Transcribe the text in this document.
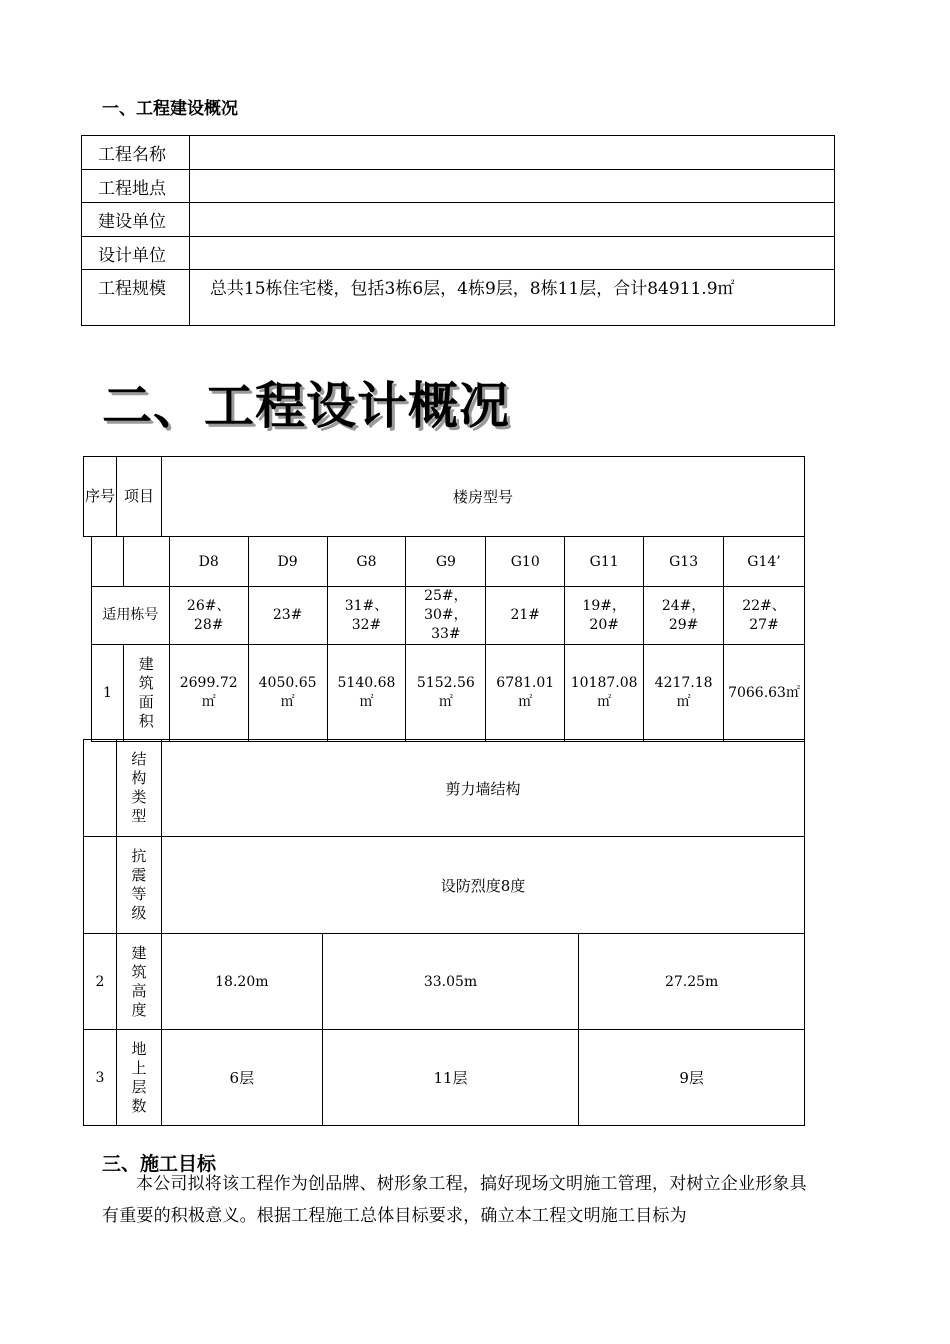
一、工程建设概况
工程名称	
工程地点	
建设单位	
设计单位	
工程规模	总共15栋住宅楼，包括3栋6层，4栋9层，8栋11层，合计84911.9㎡
二、工程设计概况
序号	项目	楼房型号
		D8	D9	G8	G9	G10	G11	G13	G14’

适用栋号		26#、28#	23#	31#、32#	25#，30#，33#	21#	19#，20#	24#，29#	22#、27#

1	建筑面积	2699.72㎡	4050.65㎡	5140.68㎡	5152.56㎡	6781.01㎡	10187.08㎡	4217.18㎡	7066.63㎡

	结构类型	剪力墙结构

	抗震等级	设防烈度8度
2	建筑高度	18.20m	33.05m	27.25m
3	地上层数	6层	11层	9层
三、施工目标
本公司拟将该工程作为创品牌、树形象工程，搞好现场文明施工管理，对树立企业形象具有重要的积极意义。根据工程施工总体目标要求，确立本工程文明施工目标为
